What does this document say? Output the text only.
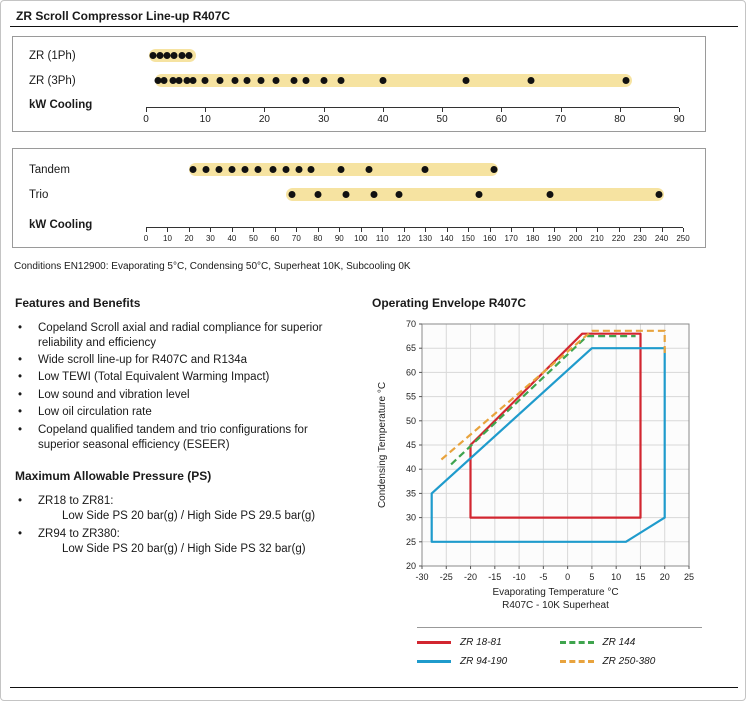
ZR Scroll Compressor Line-up R407C
ZR (1Ph)
ZR (3Ph)
kW Cooling
0	10	20	30	40	50	60	70	80	90
Tandem
Trio
kW Cooling
0 10 20 30 40 50 60 70 80 90 100 110 120 130 140 150 160 170 180 190 200 210 220 230 240 250
Conditions EN12900: Evaporating 5°C, Condensing 50°C, Superheat 10K, Subcooling 0K
Features and Benefits
• Copeland Scroll axial and radial compliance for superior reliability and efficiency
• Wide scroll line-up for R407C and R134a
• Low TEWI (Total Equivalent Warming Impact)
• Low sound and vibration level
• Low oil circulation rate
• Copeland qualified tandem and trio configurations for superior seasonal efficiency (ESEER)
Maximum Allowable Pressure (PS)
• ZR18 to ZR81:
Low Side PS 20 bar(g) / High Side PS 29.5 bar(g)
• ZR94 to ZR380:
Low Side PS 20 bar(g) / High Side PS 32 bar(g)
Operating Envelope R407C
-30 -25 -20 -15 -10 -5 0 5 10 15 20 25
20
25
30
35
40
45
50
55
60
65
70
Evaporating Temperature °C
R407C - 10K Superheat
Condensing Temperature °C
ZR 18-81
ZR 94-190
ZR 144
ZR 250-380
